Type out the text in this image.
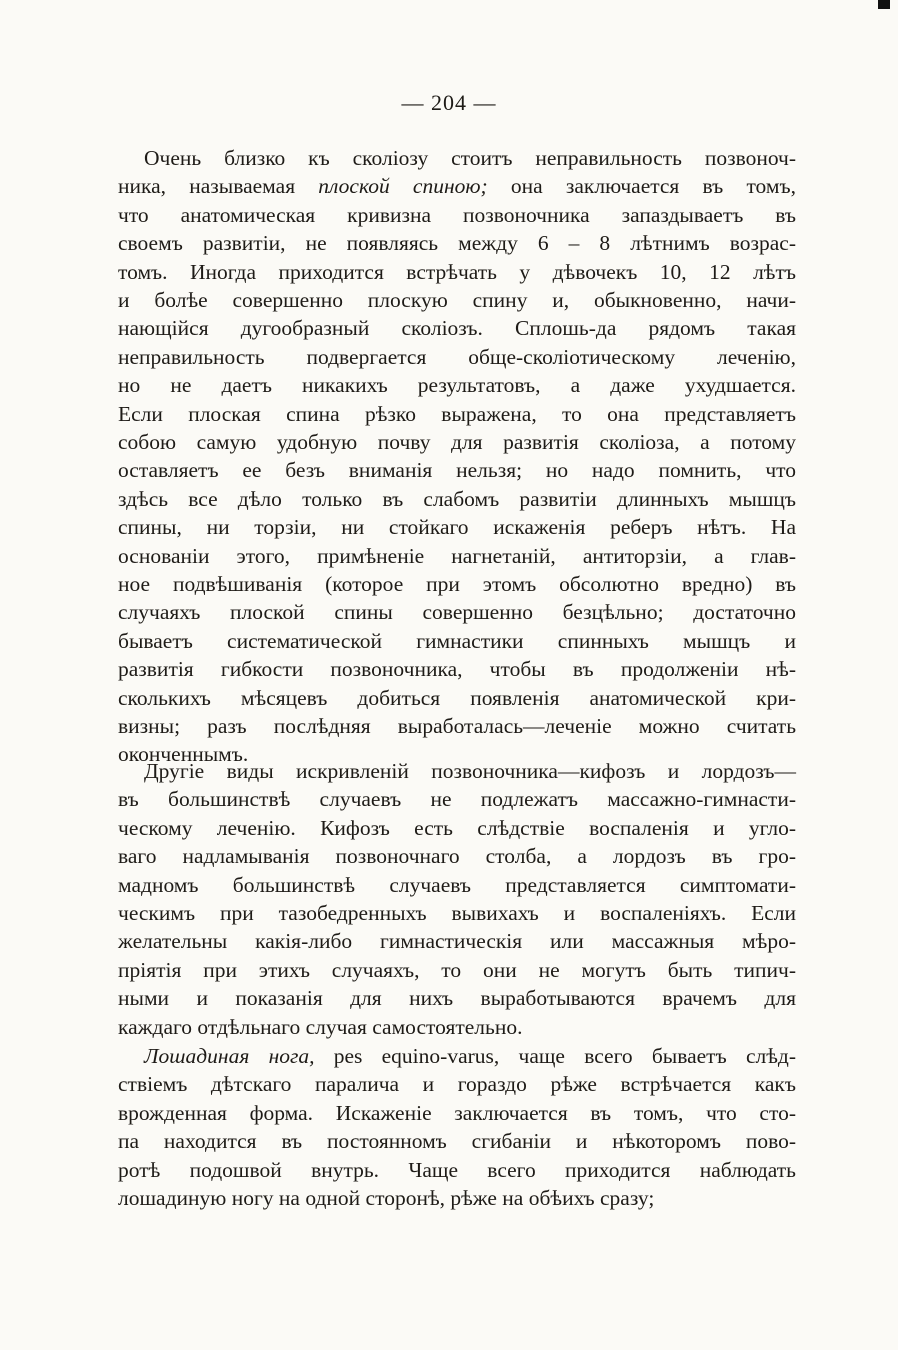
— 204 —
Очень близко къ сколіозу стоитъ неправильность позвоноч-
ника, называемая плоской спиною; она заключается въ томъ,
что анатомическая кривизна позвоночника запаздываетъ въ
своемъ развитіи, не появляясь между 6 – 8 лѣтнимъ возрас-
томъ. Иногда приходится встрѣчать у дѣвочекъ 10, 12 лѣтъ
и болѣе совершенно плоскую спину и, обыкновенно, начи-
нающійся дугообразный сколіозъ. Сплошь-да рядомъ такая
неправильность подвергается обще-сколіотическому леченію,
но не даетъ никакихъ результатовъ, а даже ухудшается.
Если плоская спина рѣзко выражена, то она представляетъ
собою самую удобную почву для развитія сколіоза, а потому
оставляетъ ее безъ вниманія нельзя; но надо помнить, что
здѣсь все дѣло только въ слабомъ развитіи длинныхъ мышцъ
спины, ни торзіи, ни стойкаго искаженія реберъ нѣтъ. На
основаніи этого, примѣненіе нагнетаній, антиторзіи, а глав-
ное подвѣшиванія (которое при этомъ обсолютно вредно) въ
случаяхъ плоской спины совершенно безцѣльно; достаточно
бываетъ систематической гимнастики спинныхъ мышцъ и
развитія гибкости позвоночника, чтобы въ продолженіи нѣ-
сколькихъ мѣсяцевъ добиться появленія анатомической кри-
визны; разъ послѣдняя выработалась—леченіе можно считать
оконченнымъ.
Другіе виды искривленій позвоночника—кифозъ и лордозъ—
въ большинствѣ случаевъ не подлежатъ массажно-гимнасти-
ческому леченію. Кифозъ есть слѣдствіе воспаленія и угло-
ваго надламыванія позвоночнаго столба, а лордозъ въ гро-
мадномъ большинствѣ случаевъ представляется симптомати-
ческимъ при тазобедренныхъ вывихахъ и воспаленіяхъ. Если
желательны какія-либо гимнастическія или массажныя мѣро-
пріятія при этихъ случаяхъ, то они не могутъ быть типич-
ными и показанія для нихъ выработываются врачемъ для
каждаго отдѣльнаго случая самостоятельно.
Лошадиная нога, pes equino-varus, чаще всего бываетъ слѣд-
ствіемъ дѣтскаго паралича и гораздо рѣже встрѣчается какъ
врожденная форма. Искаженіе заключается въ томъ, что сто-
па находится въ постоянномъ сгибаніи и нѣкоторомъ пово-
ротѣ подошвой внутрь. Чаще всего приходится наблюдать
лошадиную ногу на одной сторонѣ, рѣже на обѣихъ сразу;
